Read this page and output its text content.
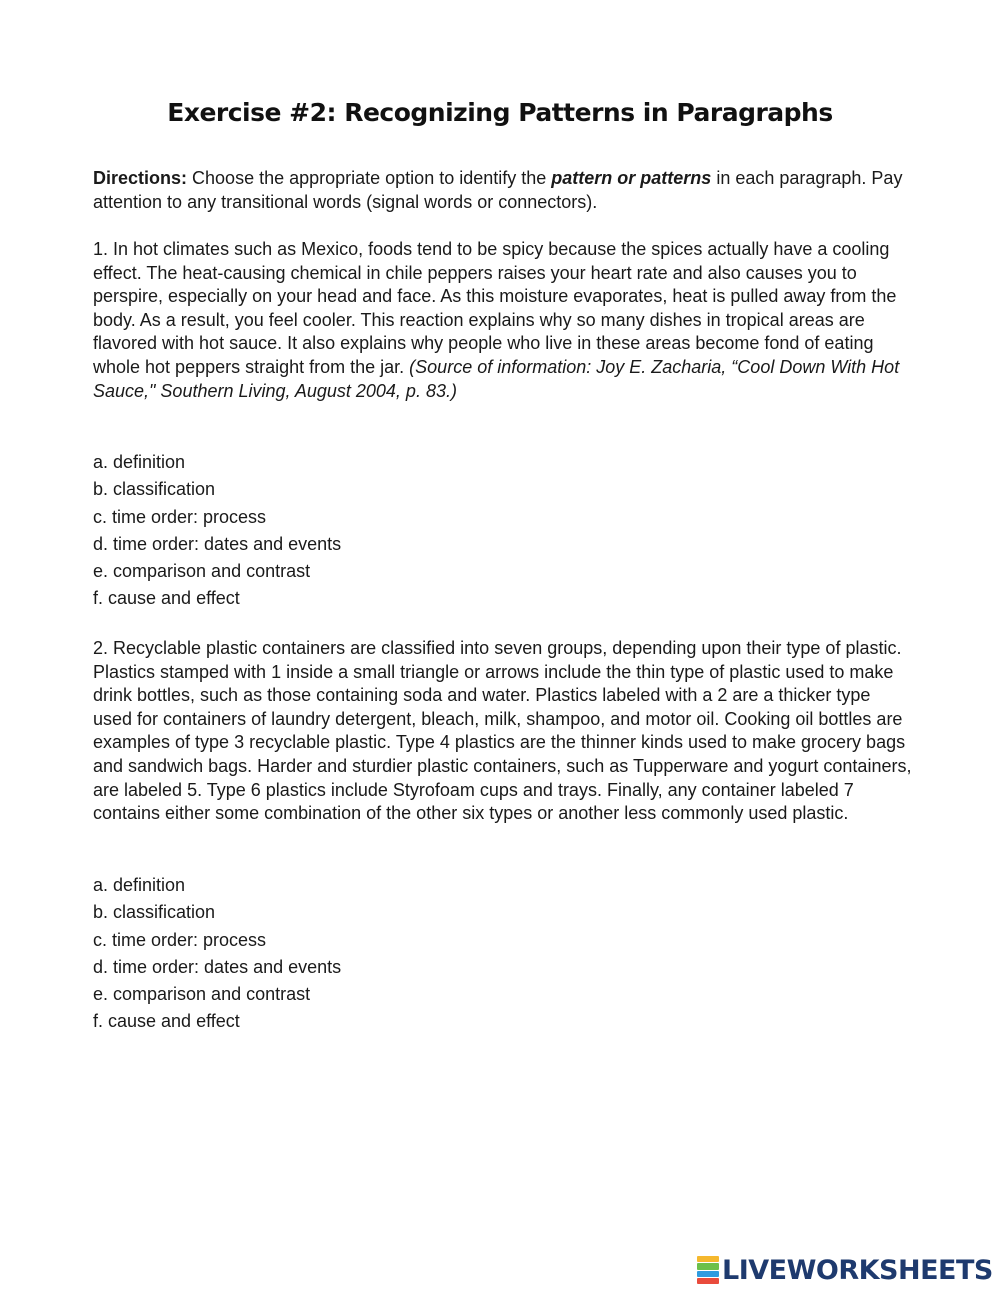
Exercise #2: Recognizing Patterns in Paragraphs
Directions: Choose the appropriate option to identify the pattern or patterns in each paragraph. Pay attention to any transitional words (signal words or connectors).
1. In hot climates such as Mexico, foods tend to be spicy because the spices actually have a cooling effect. The heat-causing chemical in chile peppers raises your heart rate and also causes you to perspire, especially on your head and face. As this moisture evaporates, heat is pulled away from the body. As a result, you feel cooler. This reaction explains why so many dishes in tropical areas are flavored with hot sauce. It also explains why people who live in these areas become fond of eating whole hot peppers straight from the jar. (Source of information: Joy E. Zacharia, “Cool Down With Hot Sauce," Southern Living, August 2004, p. 83.)
a. definition
b. classification
c. time order: process
d. time order: dates and events
e. comparison and contrast
f. cause and effect
2. Recyclable plastic containers are classified into seven groups, depending upon their type of plastic. Plastics stamped with 1 inside a small triangle or arrows include the thin type of plastic used to make drink bottles, such as those containing soda and water. Plastics labeled with a 2 are a thicker type used for containers of laundry detergent, bleach, milk, shampoo, and motor oil. Cooking oil bottles are examples of type 3 recyclable plastic. Type 4 plastics are the thinner kinds used to make grocery bags and sandwich bags. Harder and sturdier plastic containers, such as Tupperware and yogurt containers, are labeled 5. Type 6 plastics include Styrofoam cups and trays. Finally, any container labeled 7 contains either some combination of the other six types or another less commonly used plastic.
a. definition
b. classification
c. time order: process
d. time order: dates and events
e. comparison and contrast
f. cause and effect
LIVEWORKSHEETS
